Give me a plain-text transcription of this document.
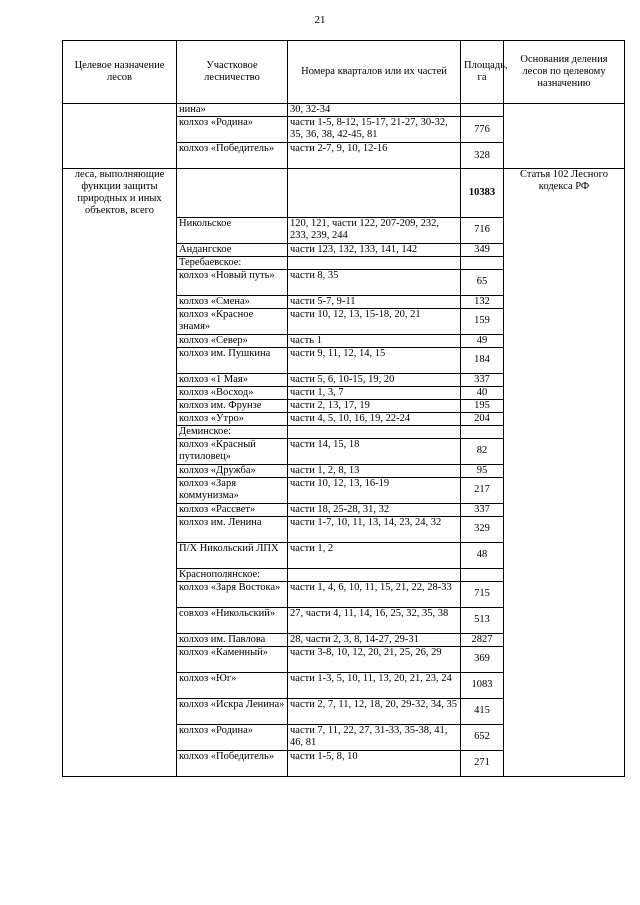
21
Целевое назначение лесов	Участковое лесничество	Номера кварталов или их частей	Площадь, га	Основания деления лесов по целевому назначению
	нина»	30, 32-34		
	колхоз «Родина»	части 1-5, 8-12, 15-17, 21-27, 30-32, 35, 36, 38, 42-45, 81	776	
	колхоз «Победитель»	части 2-7, 9, 10, 12-16	328	
леса, выполняющие функции защиты природных и иных объектов, всего			10383	Статья 102 Лесного кодекса РФ
	Никольское	120, 121, части 122, 207-209, 232, 233, 239, 244	716	
	Андангское	части 123, 132, 133, 141, 142	349	
	Теребаевское:			
	колхоз «Новый путь»	части 8, 35	65	
	колхоз «Смена»	части 5-7, 9-11	132	
	колхоз «Красное знамя»	части 10, 12, 13, 15-18, 20, 21	159	
	колхоз «Север»	часть 1	49	
	колхоз им. Пушкина	части 9, 11, 12, 14, 15	184	
	колхоз «1 Мая»	части 5, 6, 10-15, 19, 20	337	
	колхоз «Восход»	части 1, 3, 7	40	
	колхоз им. Фрунзе	части 2, 13, 17, 19	195	
	колхоз «Утро»	части 4, 5, 10, 16, 19, 22-24	204	
	Деминское:			
	колхоз «Красный путиловец»	части 14, 15, 18	82	
	колхоз «Дружба»	части 1, 2, 8, 13	95	
	колхоз «Заря коммунизма»	части 10, 12, 13, 16-19	217	
	колхоз «Рассвет»	части 18, 25-28, 31, 32	337	
	колхоз им. Ленина	части 1-7, 10, 11, 13, 14, 23, 24, 32	329	
	П/Х Никольский ЛПХ	части 1, 2	48	
	Краснополянское:			
	колхоз «Заря Востока»	части 1, 4, 6, 10, 11, 15, 21, 22, 28-33	715	
	совхоз «Никольский»	27, части 4, 11, 14, 16, 25, 32, 35, 38	513	
	колхоз им. Павлова	28, части 2, 3, 8, 14-27, 29-31	2827	
	колхоз «Каменный»	части 3-8, 10, 12, 20, 21, 25, 26, 29	369	
	колхоз «Юг»	части 1-3, 5, 10, 11, 13, 20, 21, 23, 24	1083	
	колхоз «Искра Ленина»	части 2, 7, 11, 12, 18, 20, 29-32, 34, 35	415	
	колхоз «Родина»	части 7, 11, 22, 27, 31-33, 35-38, 41, 46, 81	652	
	колхоз «Победитель»	части 1-5, 8, 10	271	
